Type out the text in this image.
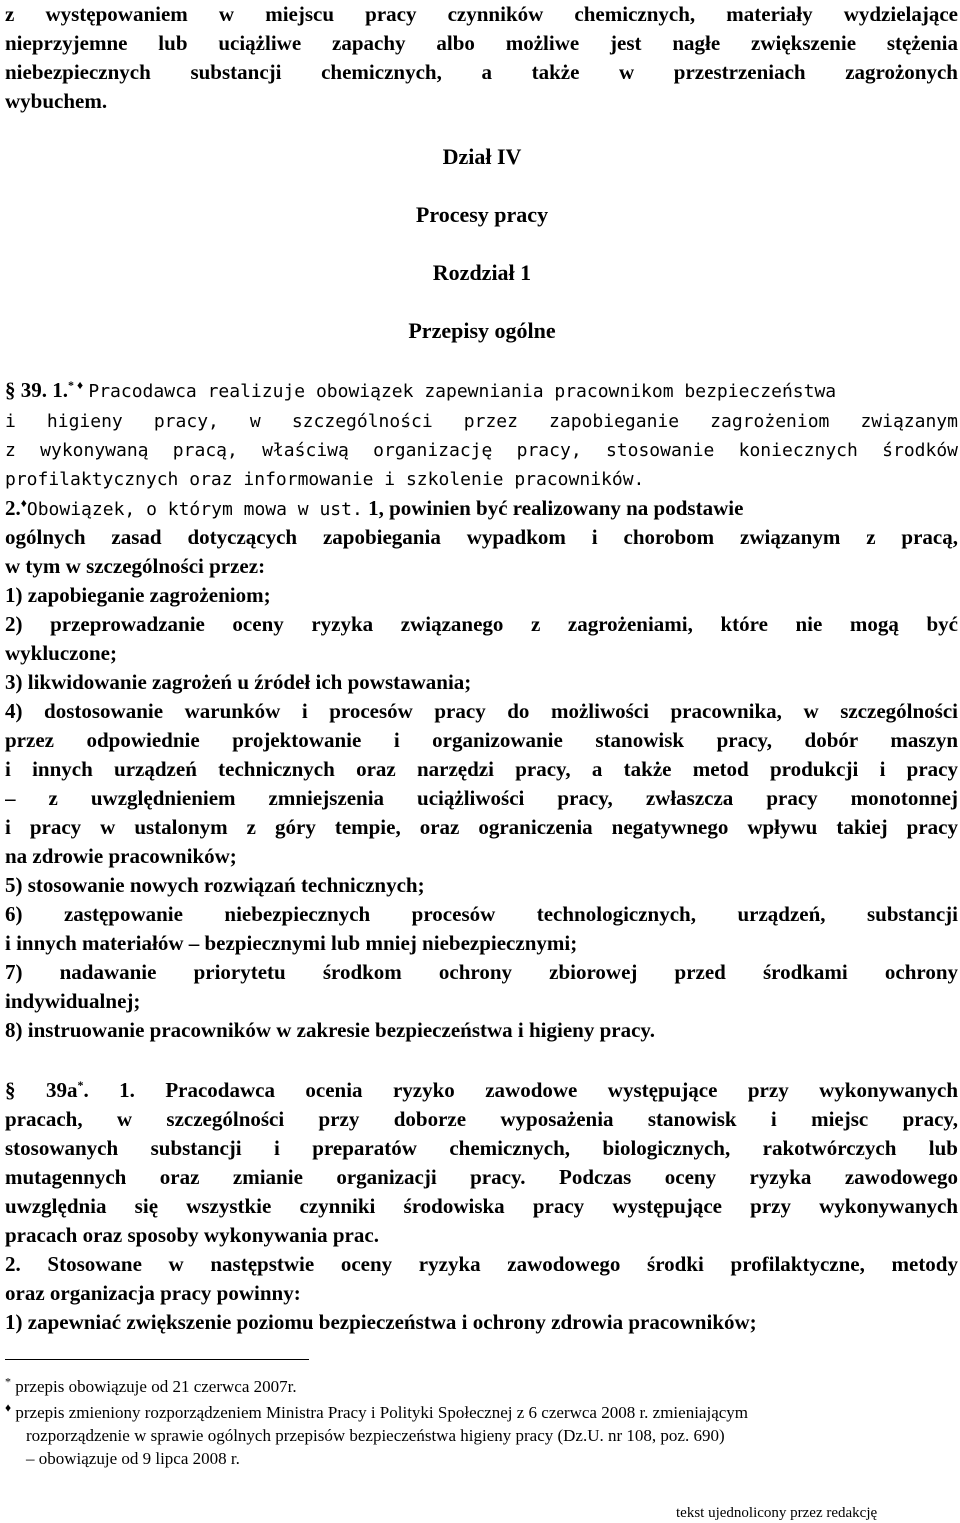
z występowaniem w miejscu pracy czynników chemicznych, materiały wydzielające
nieprzyjemne lub uciążliwe zapachy albo możliwe jest nagłe zwiększenie stężenia
niebezpiecznych substancji chemicznych, a także w przestrzeniach zagrożonych
wybuchem.
Dział IV
Procesy pracy
Rozdział 1
Przepisy ogólne
§ 39. 1.* ♦ Pracodawca realizuje obowiązek zapewniania pracownikom bezpieczeństwa
i higieny pracy, w szczególności przez zapobieganie zagrożeniom związanym
z wykonywaną pracą, właściwą organizację pracy, stosowanie koniecznych środków
profilaktycznych oraz informowanie i szkolenie pracowników.
2.♦Obowiązek, o którym mowa w ust. 1, powinien być realizowany na podstawie
ogólnych zasad dotyczących zapobiegania wypadkom i chorobom związanym z pracą,
w tym w szczególności przez:
1) zapobieganie zagrożeniom;
2) przeprowadzanie oceny ryzyka związanego z zagrożeniami, które nie mogą być
wykluczone;
3) likwidowanie zagrożeń u źródeł ich powstawania;
4) dostosowanie warunków i procesów pracy do możliwości pracownika, w szczególności
przez odpowiednie projektowanie i organizowanie stanowisk pracy, dobór maszyn
i innych urządzeń technicznych oraz narzędzi pracy, a także metod produkcji i pracy
– z uwzględnieniem zmniejszenia uciążliwości pracy, zwłaszcza pracy monotonnej
i pracy w ustalonym z góry tempie, oraz ograniczenia negatywnego wpływu takiej pracy
na zdrowie pracowników;
5) stosowanie nowych rozwiązań technicznych;
6) zastępowanie niebezpiecznych procesów technologicznych, urządzeń, substancji
i innych materiałów – bezpiecznymi lub mniej niebezpiecznymi;
7) nadawanie priorytetu środkom ochrony zbiorowej przed środkami ochrony
indywidualnej;
8) instruowanie pracowników w zakresie bezpieczeństwa i higieny pracy.
§ 39a*. 1. Pracodawca ocenia ryzyko zawodowe występujące przy wykonywanych
pracach, w szczególności przy doborze wyposażenia stanowisk i miejsc pracy,
stosowanych substancji i preparatów chemicznych, biologicznych, rakotwórczych lub
mutagennych oraz zmianie organizacji pracy. Podczas oceny ryzyka zawodowego
uwzględnia się wszystkie czynniki środowiska pracy występujące przy wykonywanych
pracach oraz sposoby wykonywania prac.
2. Stosowane w następstwie oceny ryzyka zawodowego środki profilaktyczne, metody
oraz organizacja pracy powinny:
1) zapewniać zwiększenie poziomu bezpieczeństwa i ochrony zdrowia pracowników;
* przepis obowiązuje od 21 czerwca 2007r.
♦ przepis zmieniony rozporządzeniem Ministra Pracy i Polityki Społecznej z 6 czerwca 2008 r. zmieniającym
rozporządzenie w sprawie ogólnych przepisów bezpieczeństwa higieny pracy (Dz.U. nr 108, poz. 690)
– obowiązuje od 9 lipca 2008 r.
tekst ujednolicony przez redakcję
